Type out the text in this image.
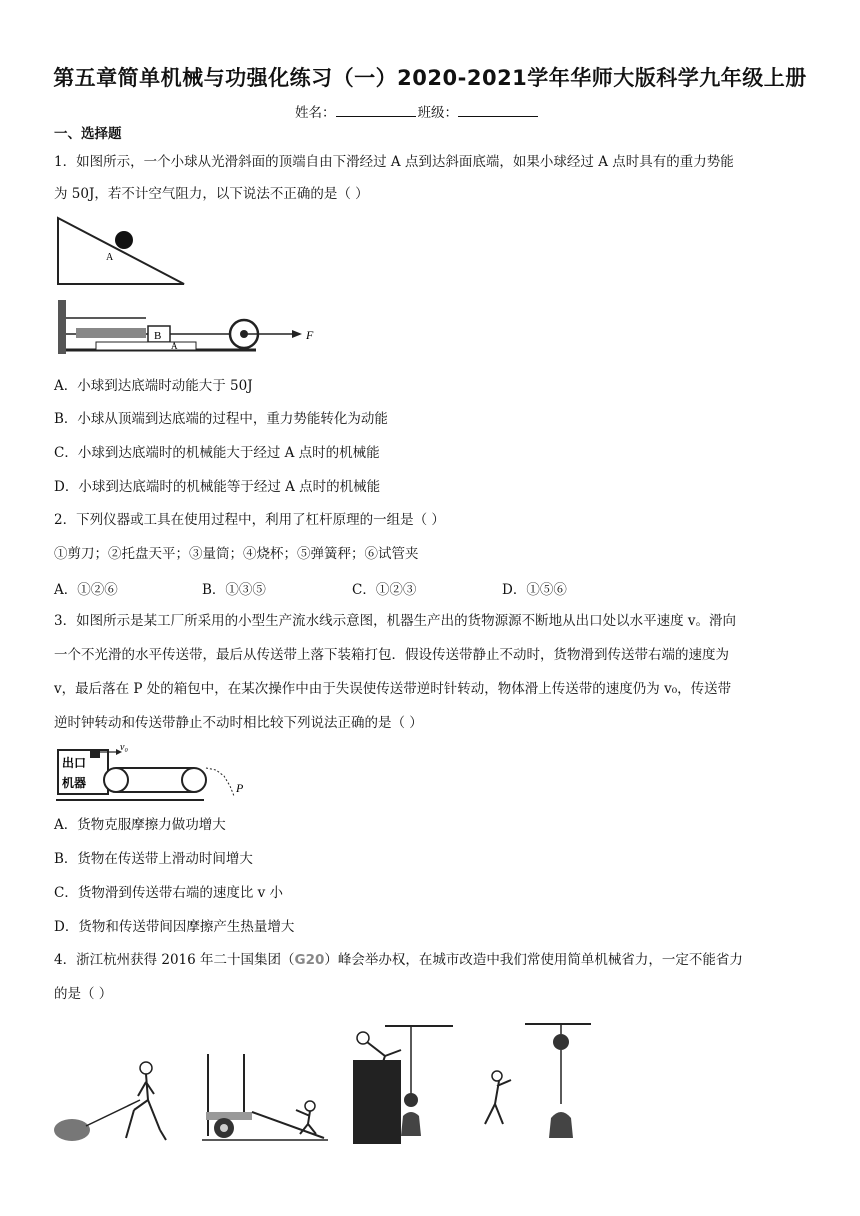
第五章简单机械与功强化练习（一）2020-2021学年华师大版科学九年级上册
姓名：	班级：
一、选择题
1．如图所示，一个小球从光滑斜面的顶端自由下滑经过 A 点到达斜面底端，如果小球经过 A 点时具有的重力势能
为 50J，若不计空气阻力，以下说法不正确的是（ ）
A
B
A
F
A．小球到达底端时动能大于 50J
B．小球从顶端到达底端的过程中，重力势能转化为动能
C．小球到达底端时的机械能大于经过 A 点时的机械能
D．小球到达底端时的机械能等于经过 A 点时的机械能
2．下列仪器或工具在使用过程中，利用了杠杆原理的一组是（ ）
①剪刀；②托盘天平；③量筒；④烧杯；⑤弹簧秤；⑥试管夹
A．①②⑥	B．①③⑤	C．①②③	D．①⑤⑥
3．如图所示是某工厂所采用的小型生产流水线示意图，机器生产出的货物源源不断地从出口处以水平速度 v。滑向
一个不光滑的水平传送带，最后从传送带上落下装箱打包．假设传送带静止不动时，货物滑到传送带右端的速度为
v，最后落在 P 处的箱包中，在某次操作中由于失误使传送带逆时针转动，物体滑上传送带的速度仍为 v₀，传送带
逆时钟转动和传送带静止不动时相比较下列说法正确的是（ ）
出口
机器
v₀
P
A．货物克服摩擦力做功增大
B．货物在传送带上滑动时间增大
C．货物滑到传送带右端的速度比 v 小
D．货物和传送带间因摩擦产生热量增大
4．浙江杭州获得 2016 年二十国集团（G20）峰会举办权，在城市改造中我们常使用简单机械省力，一定不能省力
的是（ ）
